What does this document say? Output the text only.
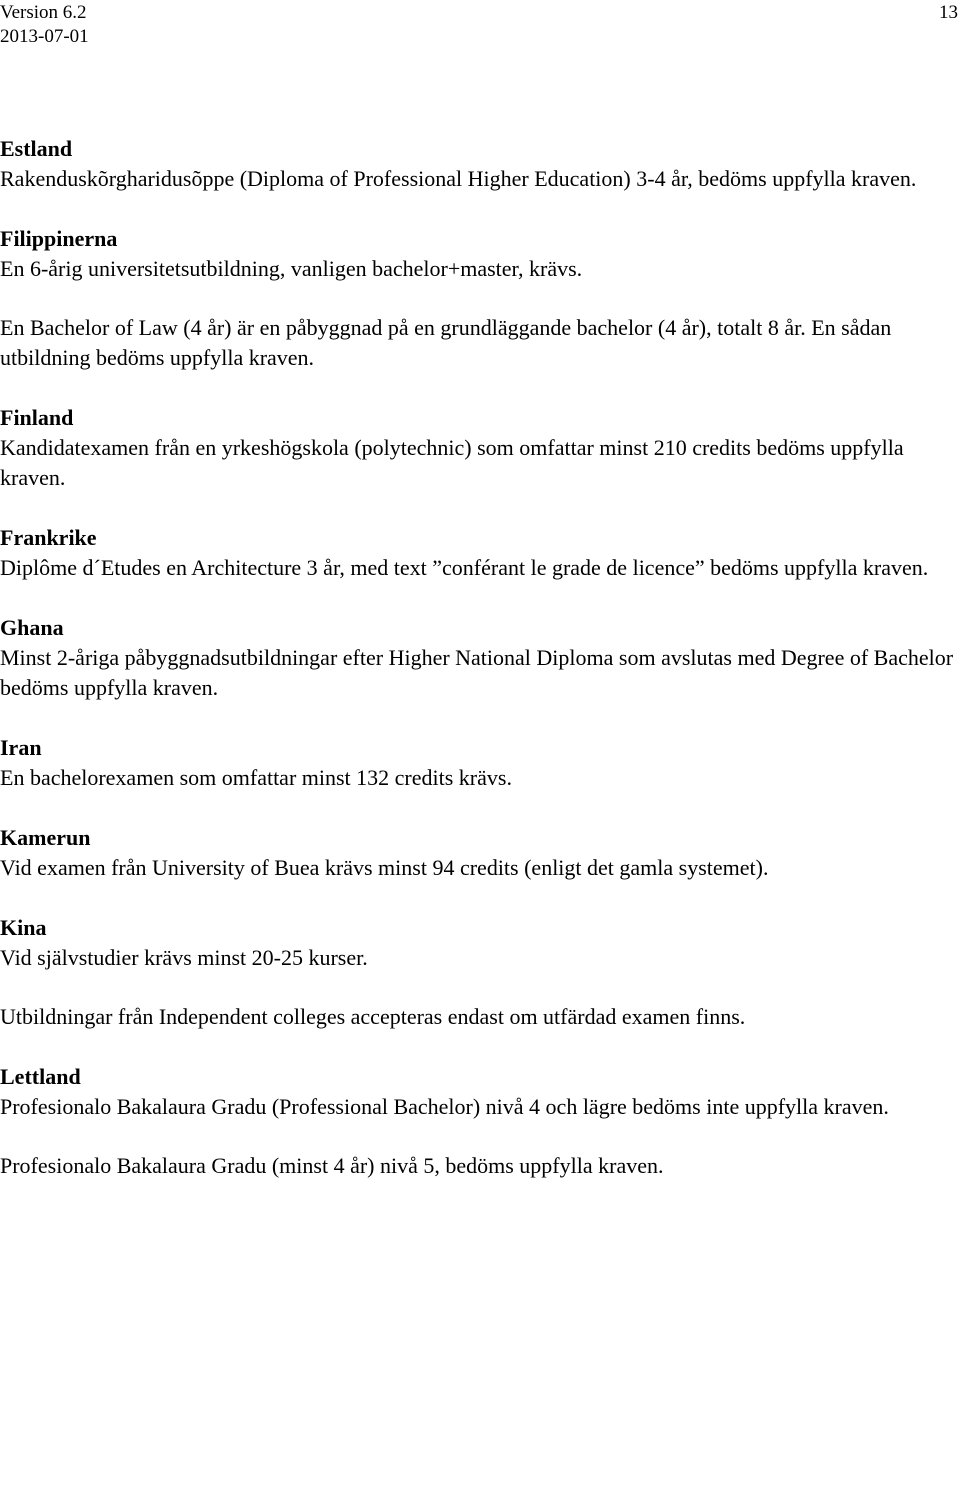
Version 6.2
2013-07-01
13
Estland

Rakenduskõrgharidusõppe (Diploma of Professional Higher Education) 3-4 år, bedöms uppfylla kraven.

Filippinerna

En 6-årig universitetsutbildning, vanligen bachelor+master, krävs.

En Bachelor of Law (4 år) är en påbyggnad på en grundläggande bachelor (4 år), totalt 8 år. En sådan utbildning bedöms uppfylla kraven.

Finland

Kandidatexamen från en yrkeshögskola (polytechnic) som omfattar minst 210 credits bedöms uppfylla kraven.

Frankrike

Diplôme d´Etudes en Architecture 3 år, med text ”conférant le grade de licence” bedöms uppfylla kraven.

Ghana

Minst 2-åriga påbyggnadsutbildningar efter Higher National Diploma som avslutas med Degree of Bachelor bedöms uppfylla kraven.

Iran

En bachelorexamen som omfattar minst 132 credits krävs.

Kamerun

Vid examen från University of Buea krävs minst 94 credits (enligt det gamla systemet).

Kina

Vid självstudier krävs minst 20-25 kurser.

Utbildningar från Independent colleges accepteras endast om utfärdad examen finns.

Lettland

Profesionalo Bakalaura Gradu (Professional Bachelor) nivå 4 och lägre bedöms inte uppfylla kraven.

Profesionalo Bakalaura Gradu (minst 4 år) nivå 5, bedöms uppfylla kraven.
